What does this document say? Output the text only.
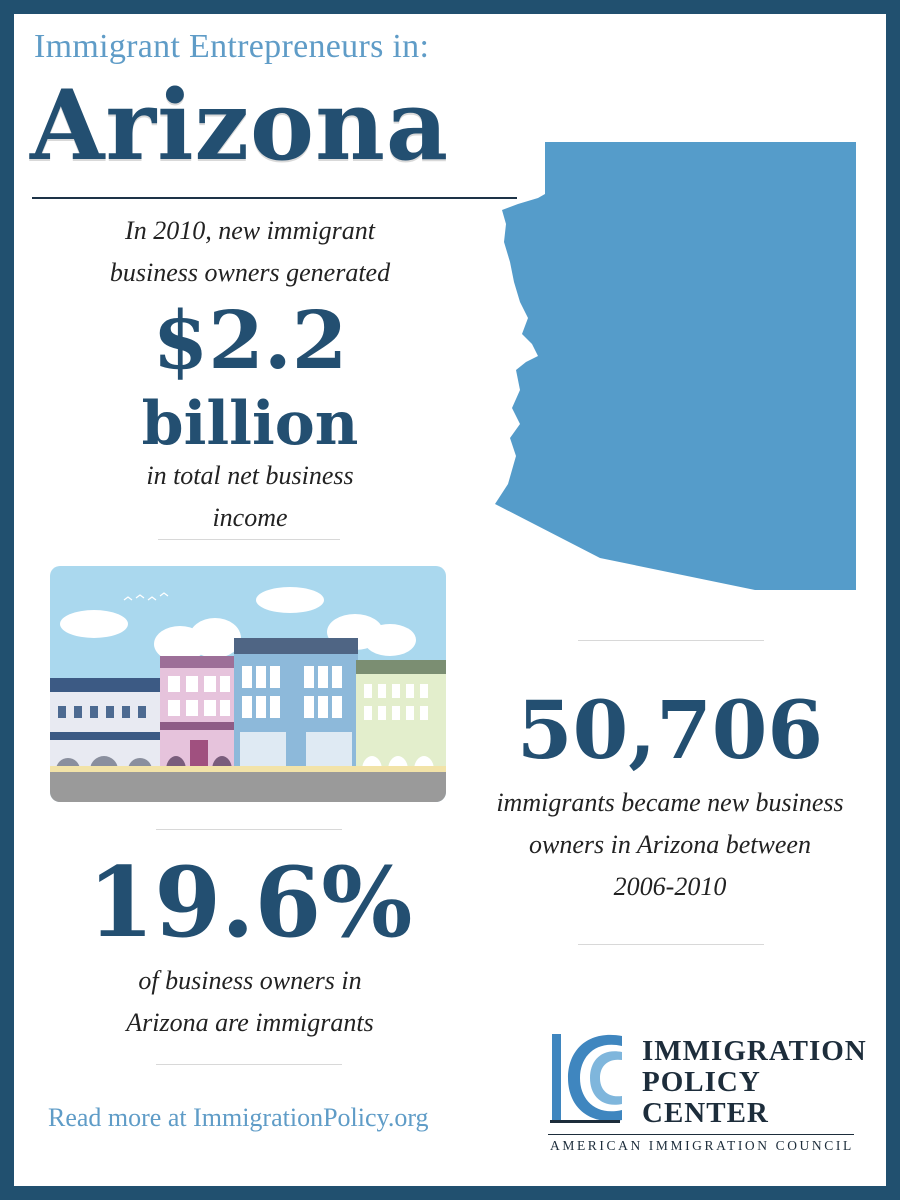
Immigrant Entrepreneurs in:
Arizona
In 2010, new immigrant
business owners generated
$2.2
billion
in total net business
income
50,706
immigrants became new business
owners in Arizona between
2006-2010
19.6%
of business owners in
Arizona are immigrants
Read more at ImmigrationPolicy.org
IMMIGRATION
POLICY
CENTER
AMERICAN IMMIGRATION COUNCIL
